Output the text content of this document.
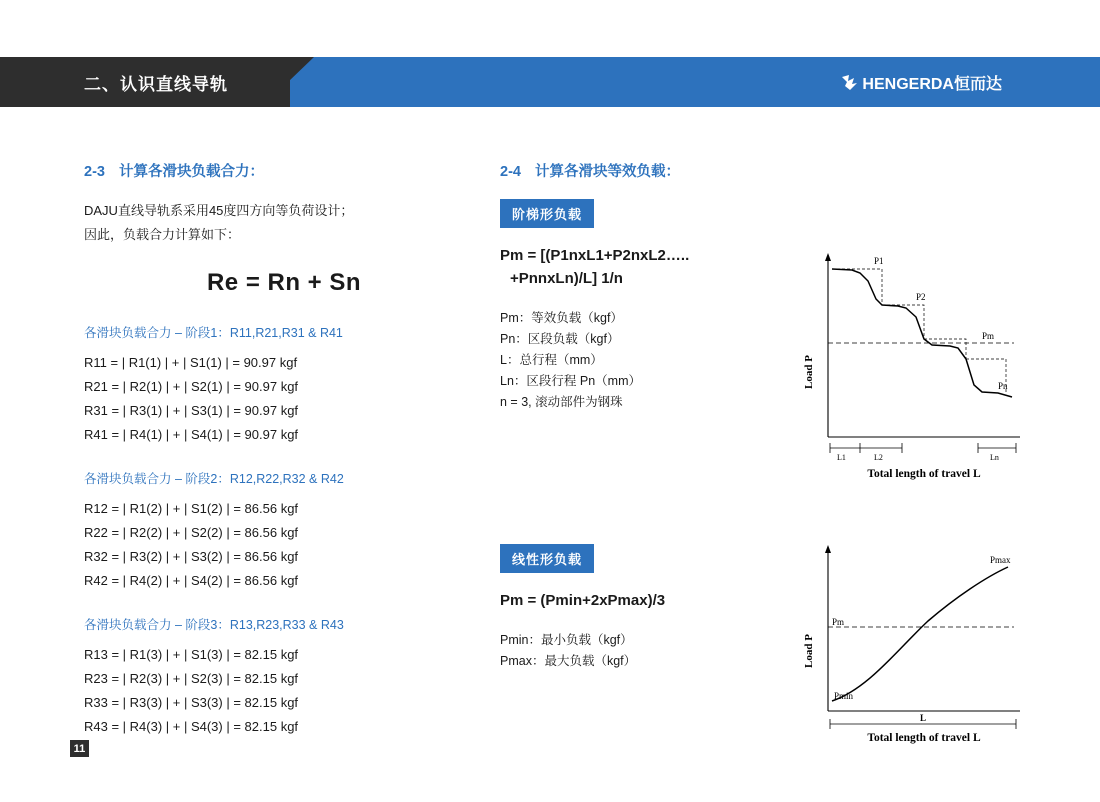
二、认识直线导轨	HENGERDA恒而达
2-3 计算各滑块负载合力：

DAJU直线导轨系采用45度四方向等负荷设计；

因此，负载合力计算如下：

Re = Rn + Sn

各滑块负载合力 – 阶段1：R11,R21,R31 & R41

R11 = | R1(1) | + | S1(1) | = 90.97 kgf

R21 = | R2(1) | + | S2(1) | = 90.97 kgf

R31 = | R3(1) | + | S3(1) | = 90.97 kgf

R41 = | R4(1) | + | S4(1) | = 90.97 kgf

各滑块负载合力 – 阶段2：R12,R22,R32 & R42

R12 = | R1(2) | + | S1(2) | = 86.56 kgf

R22 = | R2(2) | + | S2(2) | = 86.56 kgf

R32 = | R3(2) | + | S3(2) | = 86.56 kgf

R42 = | R4(2) | + | S4(2) | = 86.56 kgf

各滑块负载合力 – 阶段3：R13,R23,R33 & R43

R13 = | R1(3) | + | S1(3) | = 82.15 kgf

R23 = | R2(3) | + | S2(3) | = 82.15 kgf

R33 = | R3(3) | + | S3(3) | = 82.15 kgf

R43 = | R4(3) | + | S4(3) | = 82.15 kgf

2-4 计算各滑块等效负载：
阶梯形负载

Pm = [(P1nxL1+P2nxL2…..

+PnnxLn)/L] 1/n

Pm：等效负载（kgf）

Pn：区段负载（kgf）

L：总行程（mm）

Ln：区段行程 Pn（mm）

n = 3, 滚动部件为钢珠

Load P
P1
P2
Pm
Pn
L1	L2	Ln
Total length of travel L
线性形负载

Pm = (Pmin+2xPmax)/3

Pmin：最小负载（kgf）

Pmax：最大负载（kgf）	Load P
Pm
Pmax
Pmin
L
Total length of travel L
11
